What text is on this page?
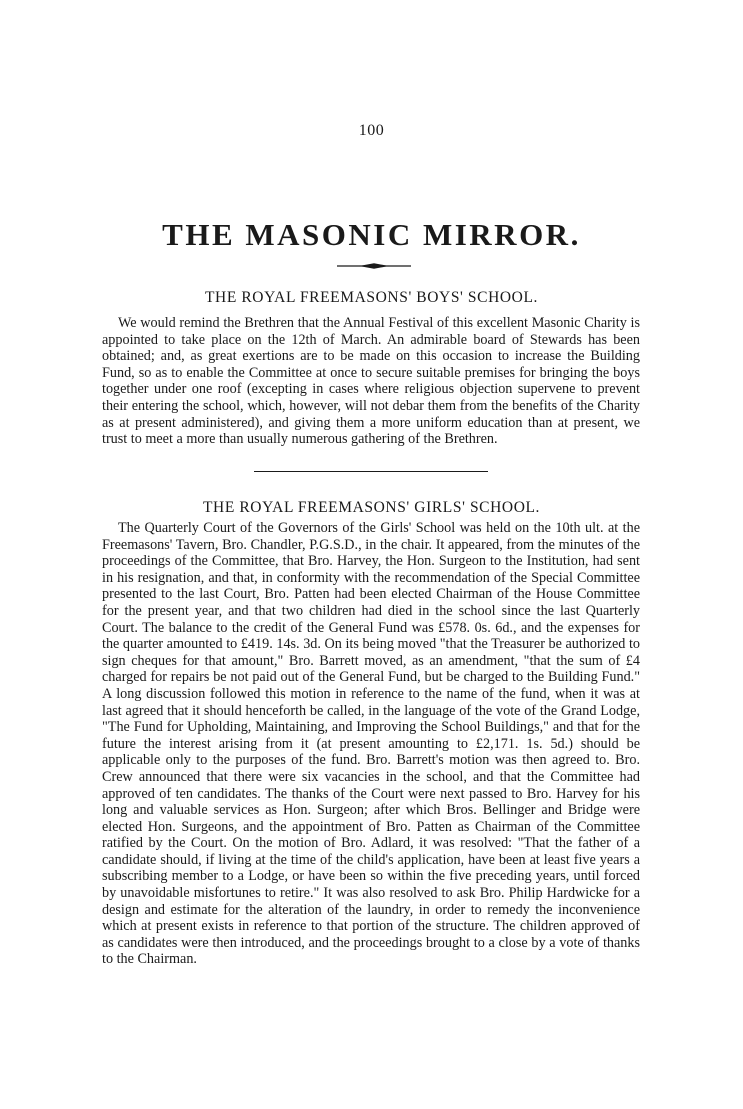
100
THE MASONIC MIRROR.
THE ROYAL FREEMASONS' BOYS' SCHOOL.

We would remind the Brethren that the Annual Festival of this excellent Masonic Charity is appointed to take place on the 12th of March. An admirable board of Stewards has been obtained; and, as great exertions are to be made on this occasion to increase the Building Fund, so as to enable the Committee at once to secure suitable premises for bringing the boys together under one roof (excepting in cases where religious objection supervene to prevent their entering the school, which, however, will not debar them from the benefits of the Charity as at present administered), and giving them a more uniform education than at present, we trust to meet a more than usually numerous gathering of the Brethren.

THE ROYAL FREEMASONS' GIRLS' SCHOOL.

The Quarterly Court of the Governors of the Girls' School was held on the 10th ult. at the Freemasons' Tavern, Bro. Chandler, P.G.S.D., in the chair. It appeared, from the minutes of the proceedings of the Committee, that Bro. Harvey, the Hon. Surgeon to the Institution, had sent in his resignation, and that, in conformity with the recommendation of the Special Committee presented to the last Court, Bro. Patten had been elected Chairman of the House Committee for the present year, and that two children had died in the school since the last Quarterly Court. The balance to the credit of the General Fund was £578. 0s. 6d., and the expenses for the quarter amounted to £419. 14s. 3d. On its being moved "that the Treasurer be authorized to sign cheques for that amount," Bro. Barrett moved, as an amendment, "that the sum of £4 charged for repairs be not paid out of the General Fund, but be charged to the Building Fund." A long discussion followed this motion in reference to the name of the fund, when it was at last agreed that it should henceforth be called, in the language of the vote of the Grand Lodge, "The Fund for Upholding, Maintaining, and Improving the School Buildings," and that for the future the interest arising from it (at present amounting to £2,171. 1s. 5d.) should be applicable only to the purposes of the fund. Bro. Barrett's motion was then agreed to. Bro. Crew announced that there were six vacancies in the school, and that the Committee had approved of ten candidates. The thanks of the Court were next passed to Bro. Harvey for his long and valuable services as Hon. Surgeon; after which Bros. Bellinger and Bridge were elected Hon. Surgeons, and the appointment of Bro. Patten as Chairman of the Committee ratified by the Court. On the motion of Bro. Adlard, it was resolved: "That the father of a candidate should, if living at the time of the child's application, have been at least five years a subscribing member to a Lodge, or have been so within the five preceding years, until forced by unavoidable misfortunes to retire." It was also resolved to ask Bro. Philip Hardwicke for a design and estimate for the alteration of the laundry, in order to remedy the inconvenience which at present exists in reference to that portion of the structure. The children approved of as candidates were then introduced, and the proceedings brought to a close by a vote of thanks to the Chairman.
